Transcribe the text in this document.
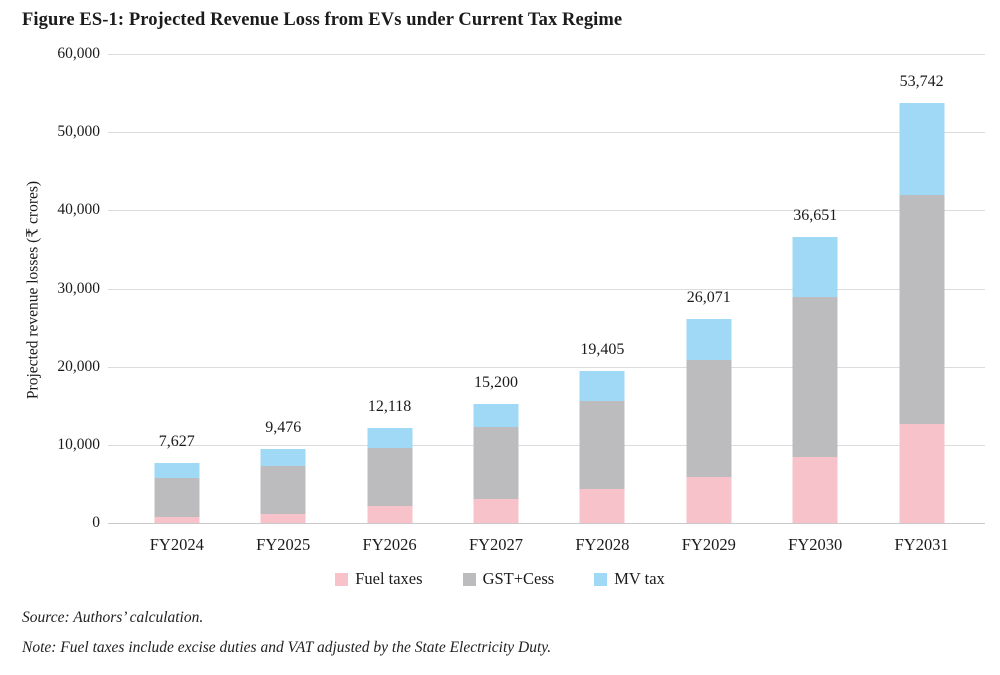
Figure ES-1: Projected Revenue Loss from EVs under Current Tax Regime
Projected revenue losses (₹ crores)
0
10,000
20,000
30,000
40,000
50,000
60,000
7,627
FY2024
9,476
FY2025
12,118
FY2026
15,200
FY2027
19,405
FY2028
26,071
FY2029
36,651
FY2030
53,742
FY2031
Fuel taxes	GST+Cess	MV tax
Source: Authors’ calculation.
Note: Fuel taxes include excise duties and VAT adjusted by the State Electricity Duty.
